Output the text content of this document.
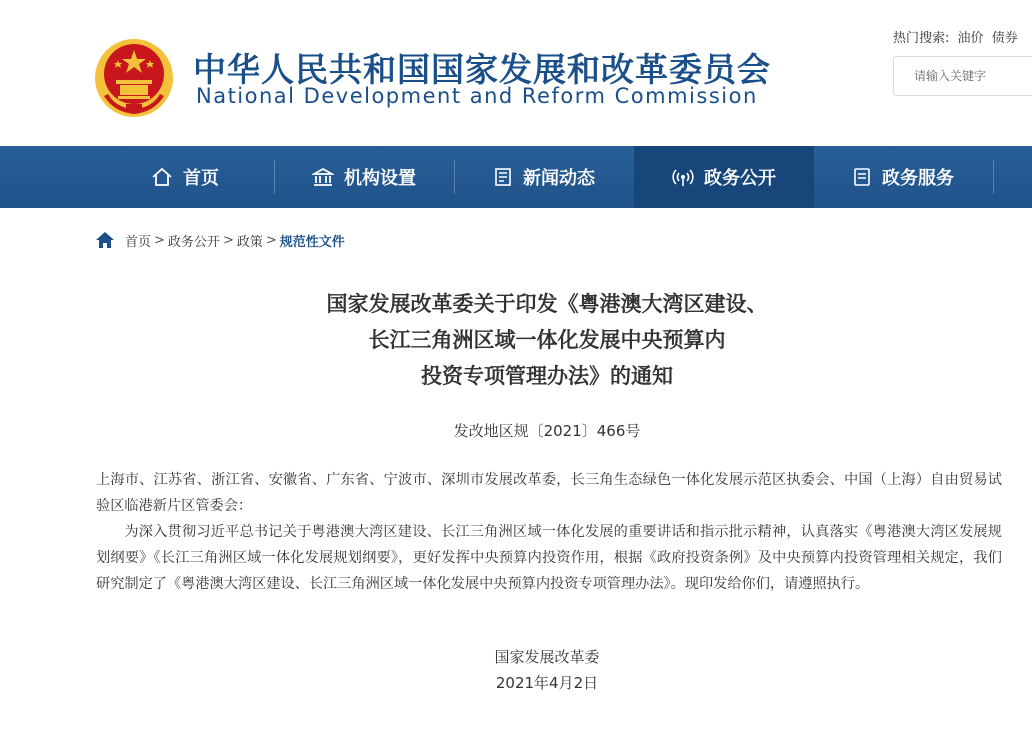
中华人民共和国国家发展和改革委员会
National Development and Reform Commission
热门搜索: 油价 债券
请输入关键字
首页	机构设置	新闻动态	政务公开	政务服务
首页 > 政务公开 > 政策 > 规范性文件
国家发展改革委关于印发《粤港澳大湾区建设、
长江三角洲区域一体化发展中央预算内
投资专项管理办法》的通知
发改地区规〔2021〕466号

上海市、江苏省、浙江省、安徽省、广东省、宁波市、深圳市发展改革委，长三角生态绿色一体化发展示范区执委会、中国（上海）自由贸易试验区临港新片区管委会：

为深入贯彻习近平总书记关于粤港澳大湾区建设、长江三角洲区域一体化发展的重要讲话和指示批示精神，认真落实《粤港澳大湾区发展规划纲要》《长江三角洲区域一体化发展规划纲要》，更好发挥中央预算内投资作用，根据《政府投资条例》及中央预算内投资管理相关规定，我们研究制定了《粤港澳大湾区建设、长江三角洲区域一体化发展中央预算内投资专项管理办法》。现印发给你们，请遵照执行。

国家发展改革委
2021年4月2日
